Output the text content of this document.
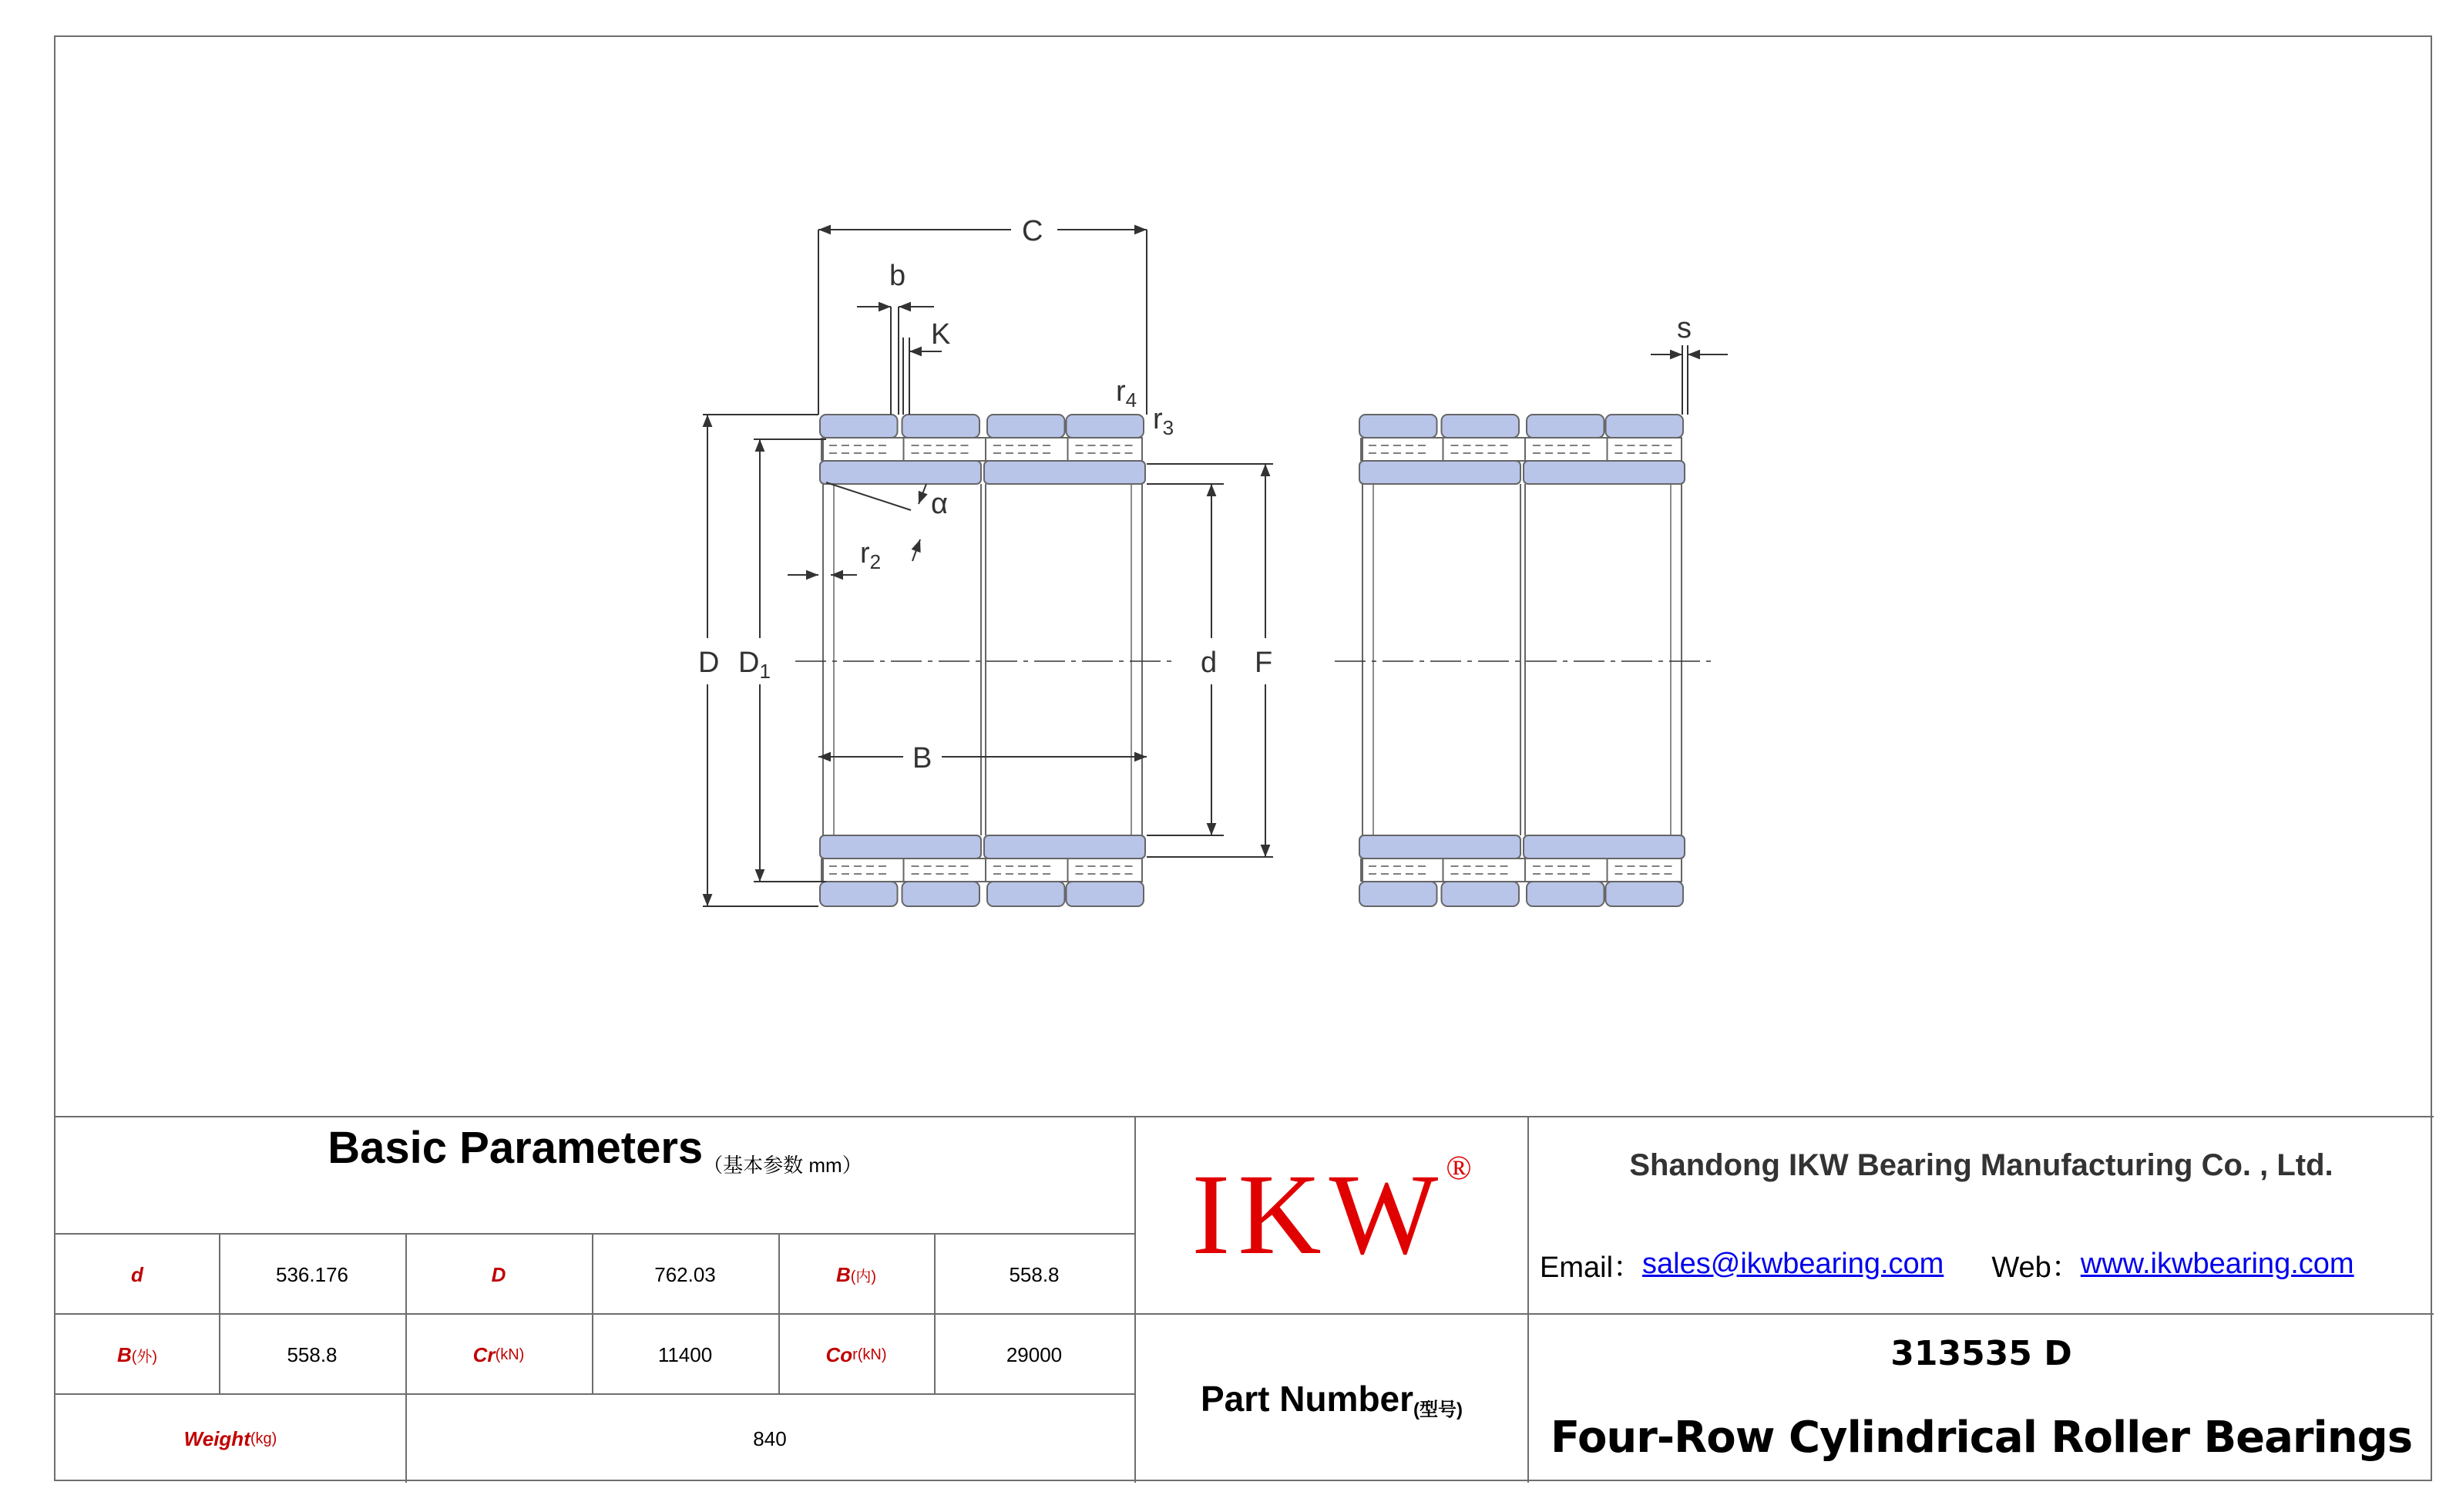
C
b
K
$r_4$
$r_3$
α
$r_2$
D $D_1$
B
d F
s
Basic Parameters （基本参数 mm）
d	536.176	D	762.03	B (内)	558.8
B (外)	558.8	Cr (kN)	11400	Co r(kN)	29000
Weight (kg)	840
IKW ®
Part Number (型号)
Shandong IKW Bearing Manufacturing Co. , Ltd.
Email： sales@ikwbearing.com Web： www.ikwbearing.com
313535 D
Four-Row Cylindrical Roller Bearings
